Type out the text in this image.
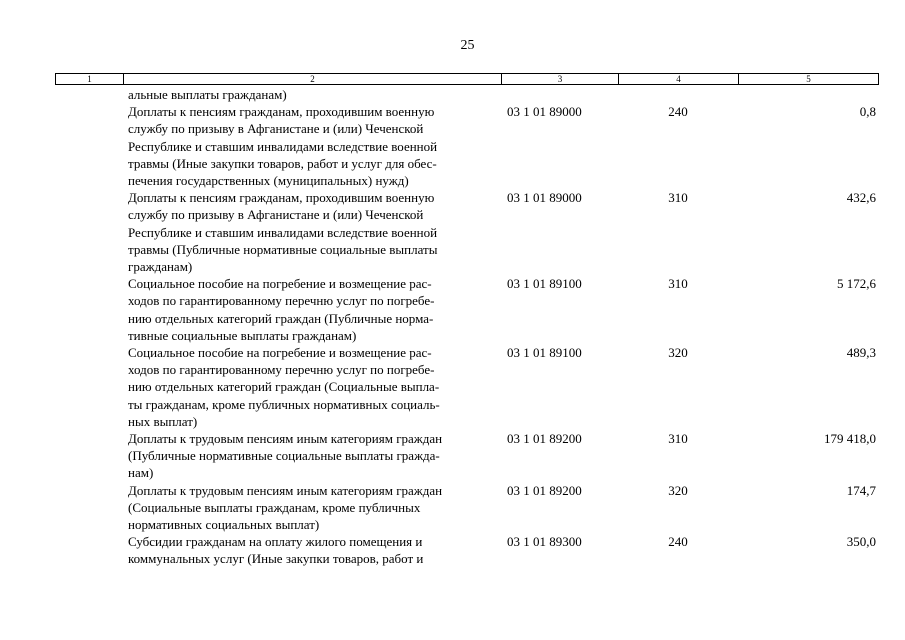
25
1	2	3	4	5
альные выплаты гражданам)
Доплаты к пенсиям гражданам, проходившим военную
службу по призыву в Афганистане и (или) Чеченской
Республике и ставшим инвалидами вследствие военной
травмы (Иные закупки товаров, работ и услуг для обес-
печения государственных (муниципальных) нужд)
03 1 01 89000	240	0,8
Доплаты к пенсиям гражданам, проходившим военную
службу по призыву в Афганистане и (или) Чеченской
Республике и ставшим инвалидами вследствие военной
травмы (Публичные нормативные социальные выплаты
гражданам)
03 1 01 89000	310	432,6
Социальное пособие на погребение и возмещение рас-
ходов по гарантированному перечню услуг по погребе-
нию отдельных категорий граждан (Публичные норма-
тивные социальные выплаты гражданам)
03 1 01 89100	310	5 172,6
Социальное пособие на погребение и возмещение рас-
ходов по гарантированному перечню услуг по погребе-
нию отдельных категорий граждан (Социальные выпла-
ты гражданам, кроме публичных нормативных социаль-
ных выплат)
03 1 01 89100	320	489,3
Доплаты к трудовым пенсиям иным категориям граждан
(Публичные нормативные социальные выплаты гражда-
нам)
03 1 01 89200	310	179 418,0
Доплаты к трудовым пенсиям иным категориям граждан
(Социальные выплаты гражданам, кроме публичных
нормативных социальных выплат)
03 1 01 89200	320	174,7
Субсидии гражданам на оплату жилого помещения и
коммунальных услуг (Иные закупки товаров, работ и
03 1 01 89300	240	350,0
